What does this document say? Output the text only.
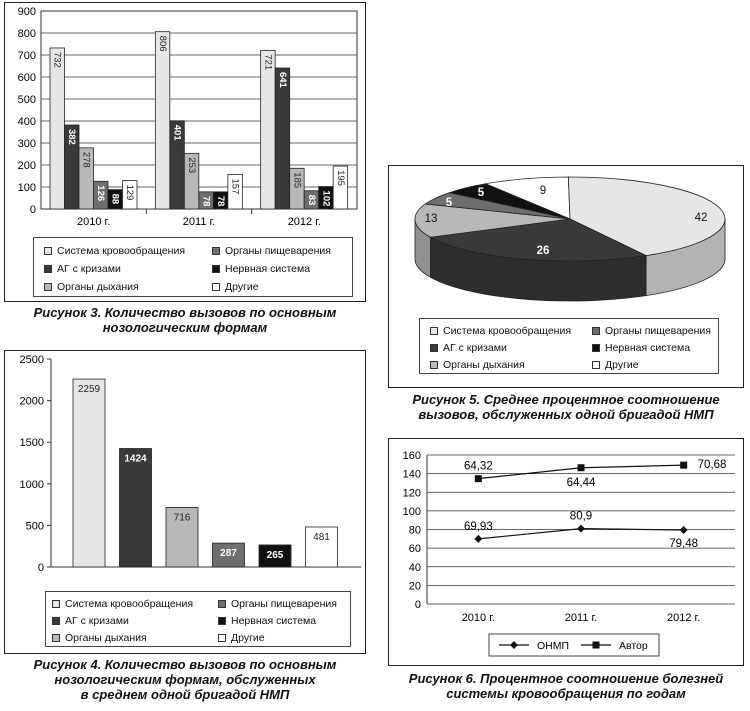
0
100
200
300
400
500
600
700
800
900
2010 г.
732
382
278
126 88 129
2011 г.
806
401
253
78 78
157
2012 г.
721
641
185
83 102
195
Система кровообращения	Органы пищеварения
АГ с кризами	Нервная система
Органы дыхания	Другие
Рисунок 3. Количество вызовов по основным
нозологическим формам
0
500
1000
1500
2000
2500
2259
1424
716
287	265
481
Система кровообращения	Органы пищеварения
АГ с кризами	Нервная система
Органы дыхания	Другие
Рисунок 4. Количество вызовов по основным
нозологическим формам, обслуженных
в среднем одной бригадой НМП
9
42
26
13
5
5
Система кровообращения	Органы пищеварения
АГ с кризами	Нервная система
Органы дыхания	Другие
Рисунок 5. Среднее процентное соотношение
вызовов, обслуженных одной бригадой НМП
0
20
40
60
80
100
120
140
160
2010 г.	2011 г.	2012 г.
69,93
80,9
79,48
64,32
64,44
70,68
ОНМП	Автор
Рисунок 6. Процентное соотношение болезней
системы кровообращения по годам
